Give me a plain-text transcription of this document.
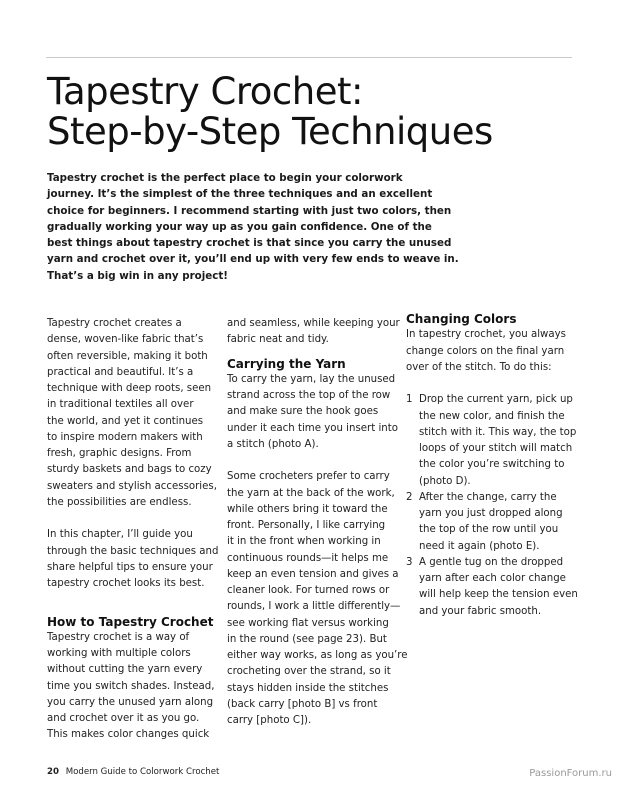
Tapestry Crochet:
Step-by-Step Techniques

Tapestry crochet is the perfect place to begin your colorwork
journey. It’s the simplest of the three techniques and an excellent
choice for beginners. I recommend starting with just two colors, then
gradually working your way up as you gain confidence. One of the
best things about tapestry crochet is that since you carry the unused
yarn and crochet over it, you’ll end up with very few ends to weave in.
That’s a big win in any project!

Tapestry crochet creates a
dense, woven-like fabric that’s
often reversible, making it both
practical and beautiful. It’s a
technique with deep roots, seen
in traditional textiles all over
the world, and yet it continues
to inspire modern makers with
fresh, graphic designs. From
sturdy baskets and bags to cozy
sweaters and stylish accessories,
the possibilities are endless.
In this chapter, I’ll guide you
through the basic techniques and
share helpful tips to ensure your
tapestry crochet looks its best.
How to Tapestry Crochet
Tapestry crochet is a way of
working with multiple colors
without cutting the yarn every
time you switch shades. Instead,
you carry the unused yarn along
and crochet over it as you go.
This makes color changes quick
and seamless, while keeping your
fabric neat and tidy.
Carrying the Yarn
To carry the yarn, lay the unused
strand across the top of the row
and make sure the hook goes
under it each time you insert into
a stitch (photo A).
Some crocheters prefer to carry
the yarn at the back of the work,
while others bring it toward the
front. Personally, I like carrying
it in the front when working in
continuous rounds—it helps me
keep an even tension and gives a
cleaner look. For turned rows or
rounds, I work a little differently—
see working flat versus working
in the round (see page 23). But
either way works, as long as you’re
crocheting over the strand, so it
stays hidden inside the stitches
(back carry [photo B] vs front
carry [photo C]).
Changing Colors
In tapestry crochet, you always
change colors on the final yarn
over of the stitch. To do this:
1 Drop the current yarn, pick up
the new color, and finish the
stitch with it. This way, the top
loops of your stitch will match
the color you’re switching to
(photo D).
2 After the change, carry the
yarn you just dropped along
the top of the row until you
need it again (photo E).
3 A gentle tug on the dropped
yarn after each color change
will help keep the tension even
and your fabric smooth.
20 Modern Guide to Colorwork Crochet	PassionForum.ru
